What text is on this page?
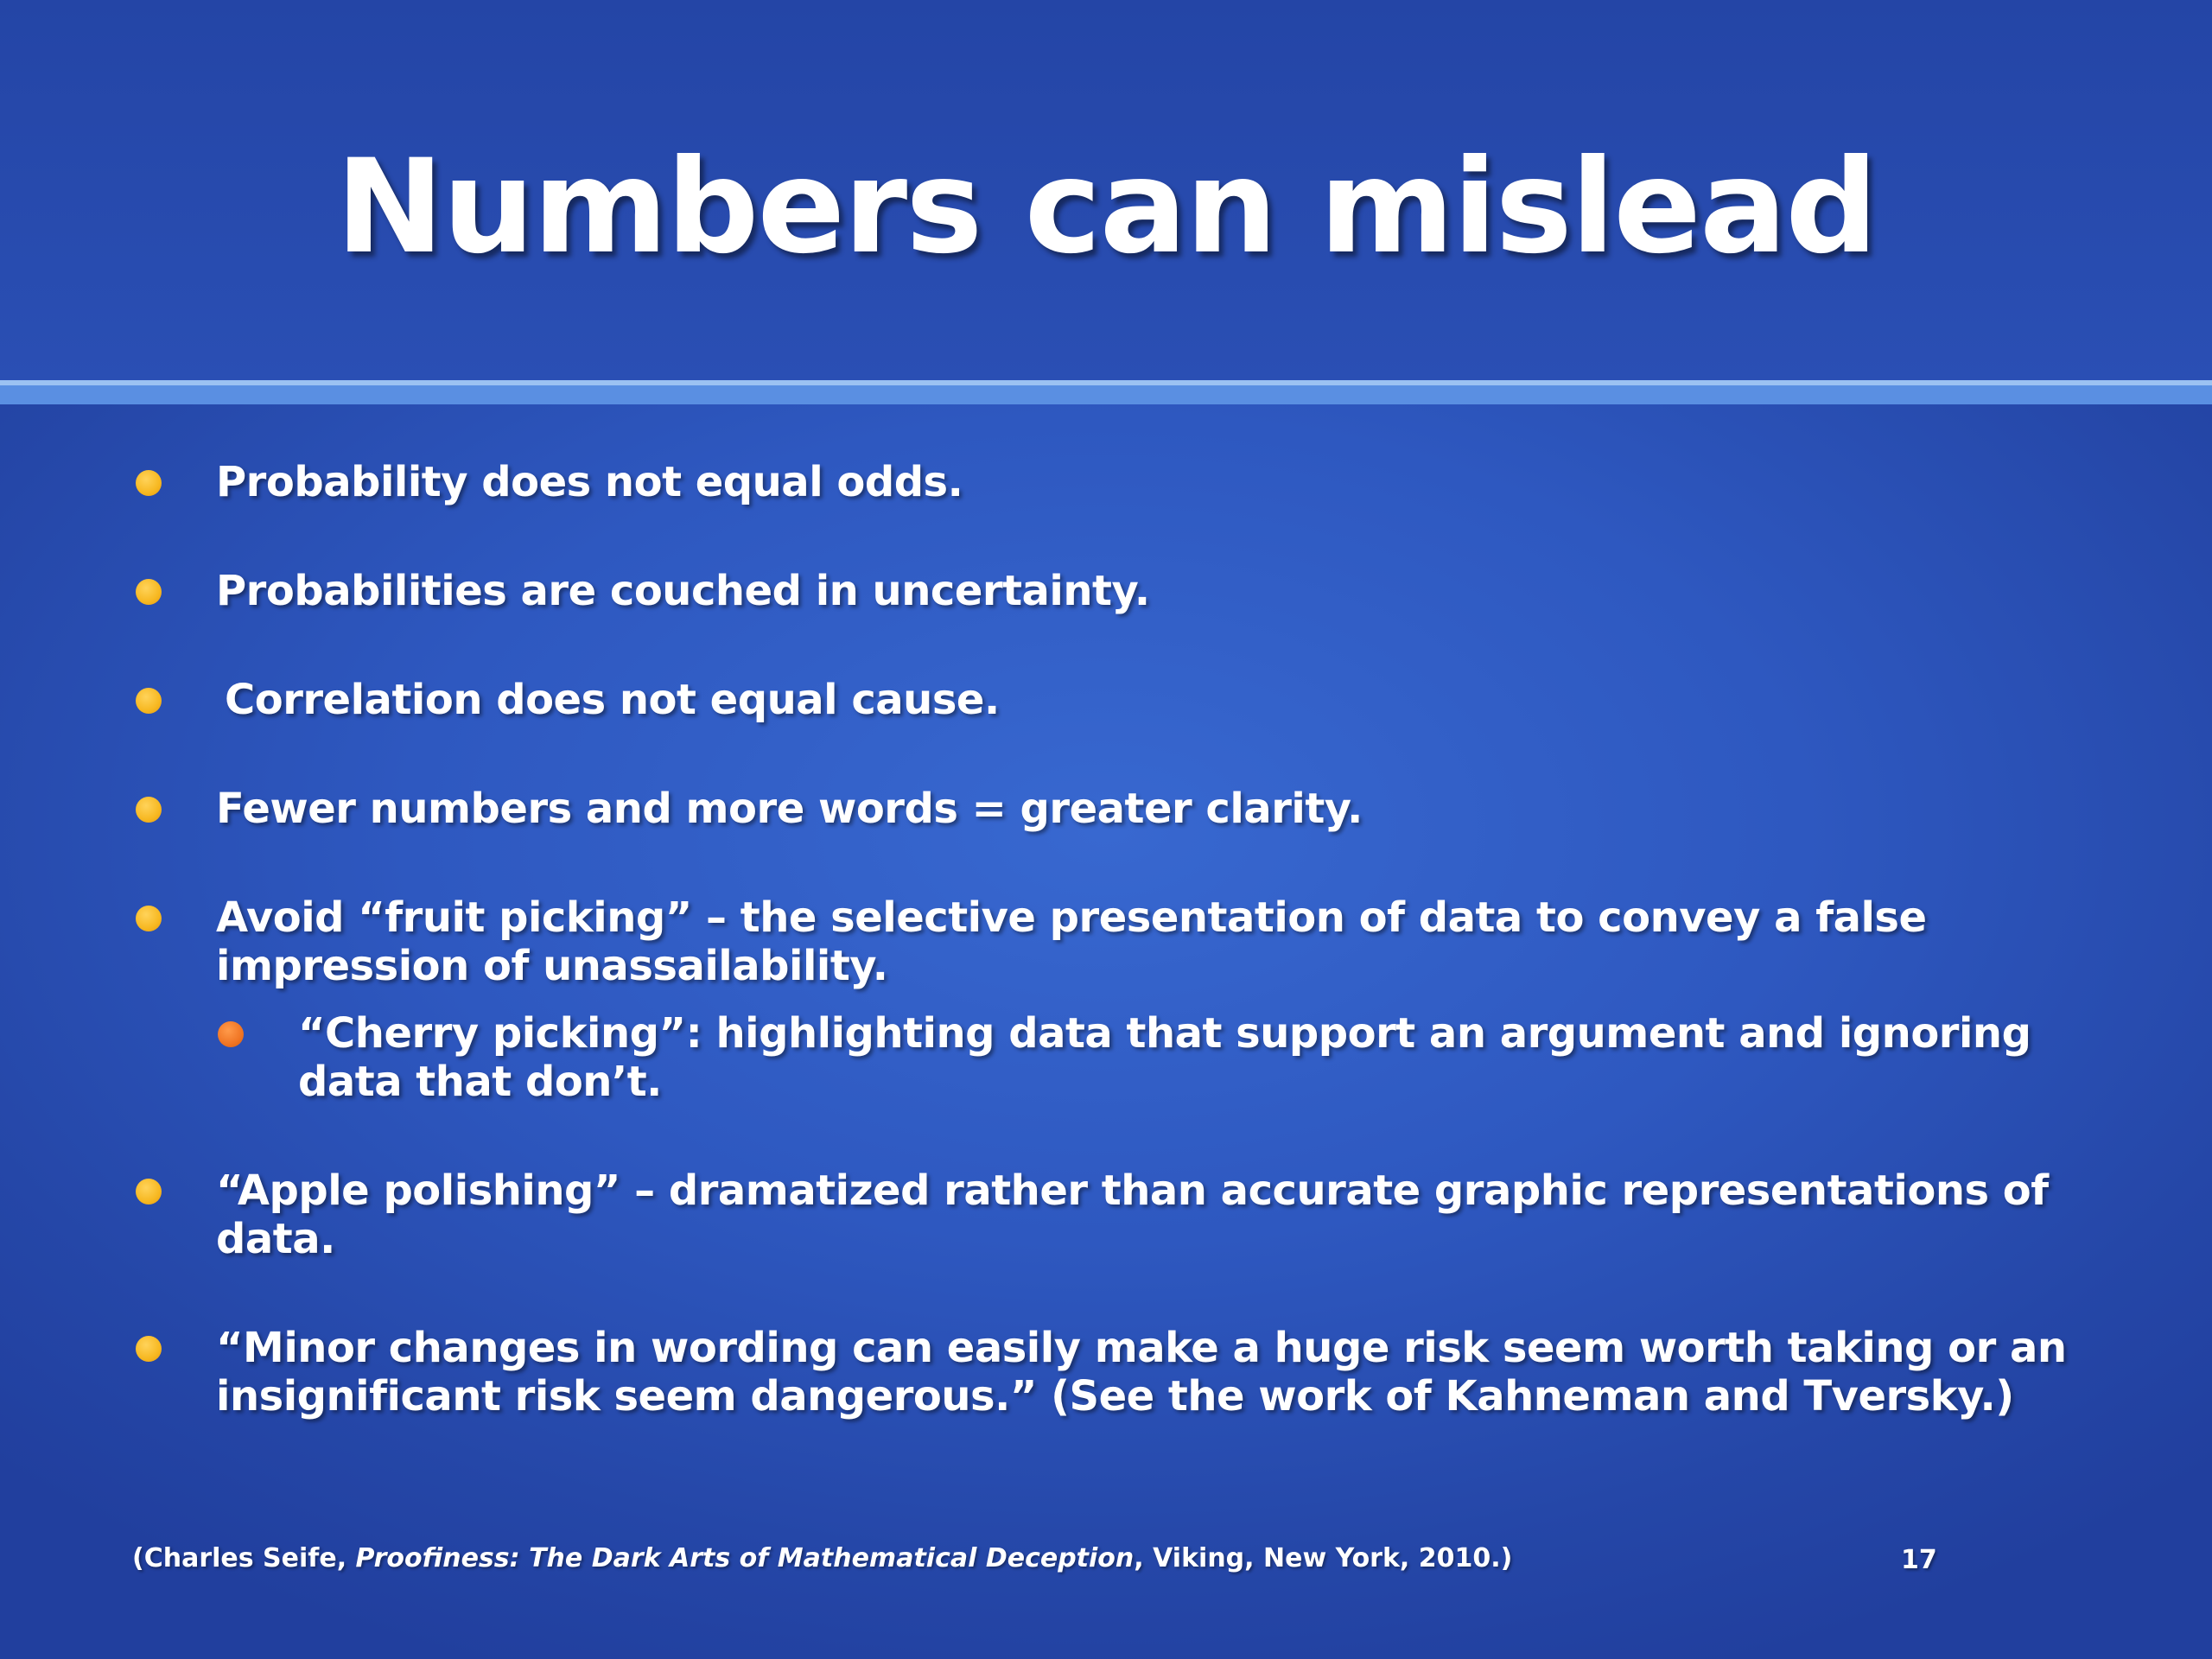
Numbers can mislead
Probability does not equal odds.
Probabilities are couched in uncertainty.
Correlation does not equal cause.
Fewer numbers and more words = greater clarity.
Avoid “fruit picking” – the selective presentation of data to convey a false impression of unassailability.
“Cherry picking”: highlighting data that support an argument and ignoring data that don’t.
“Apple polishing” – dramatized rather than accurate graphic representations of data.
“Minor changes in wording can easily make a huge risk seem worth taking or an insignificant risk seem dangerous.” (See the work of Kahneman and Tversky.)
(Charles Seife, Proofiness: The Dark Arts of Mathematical Deception, Viking, New York, 2010.)	17
